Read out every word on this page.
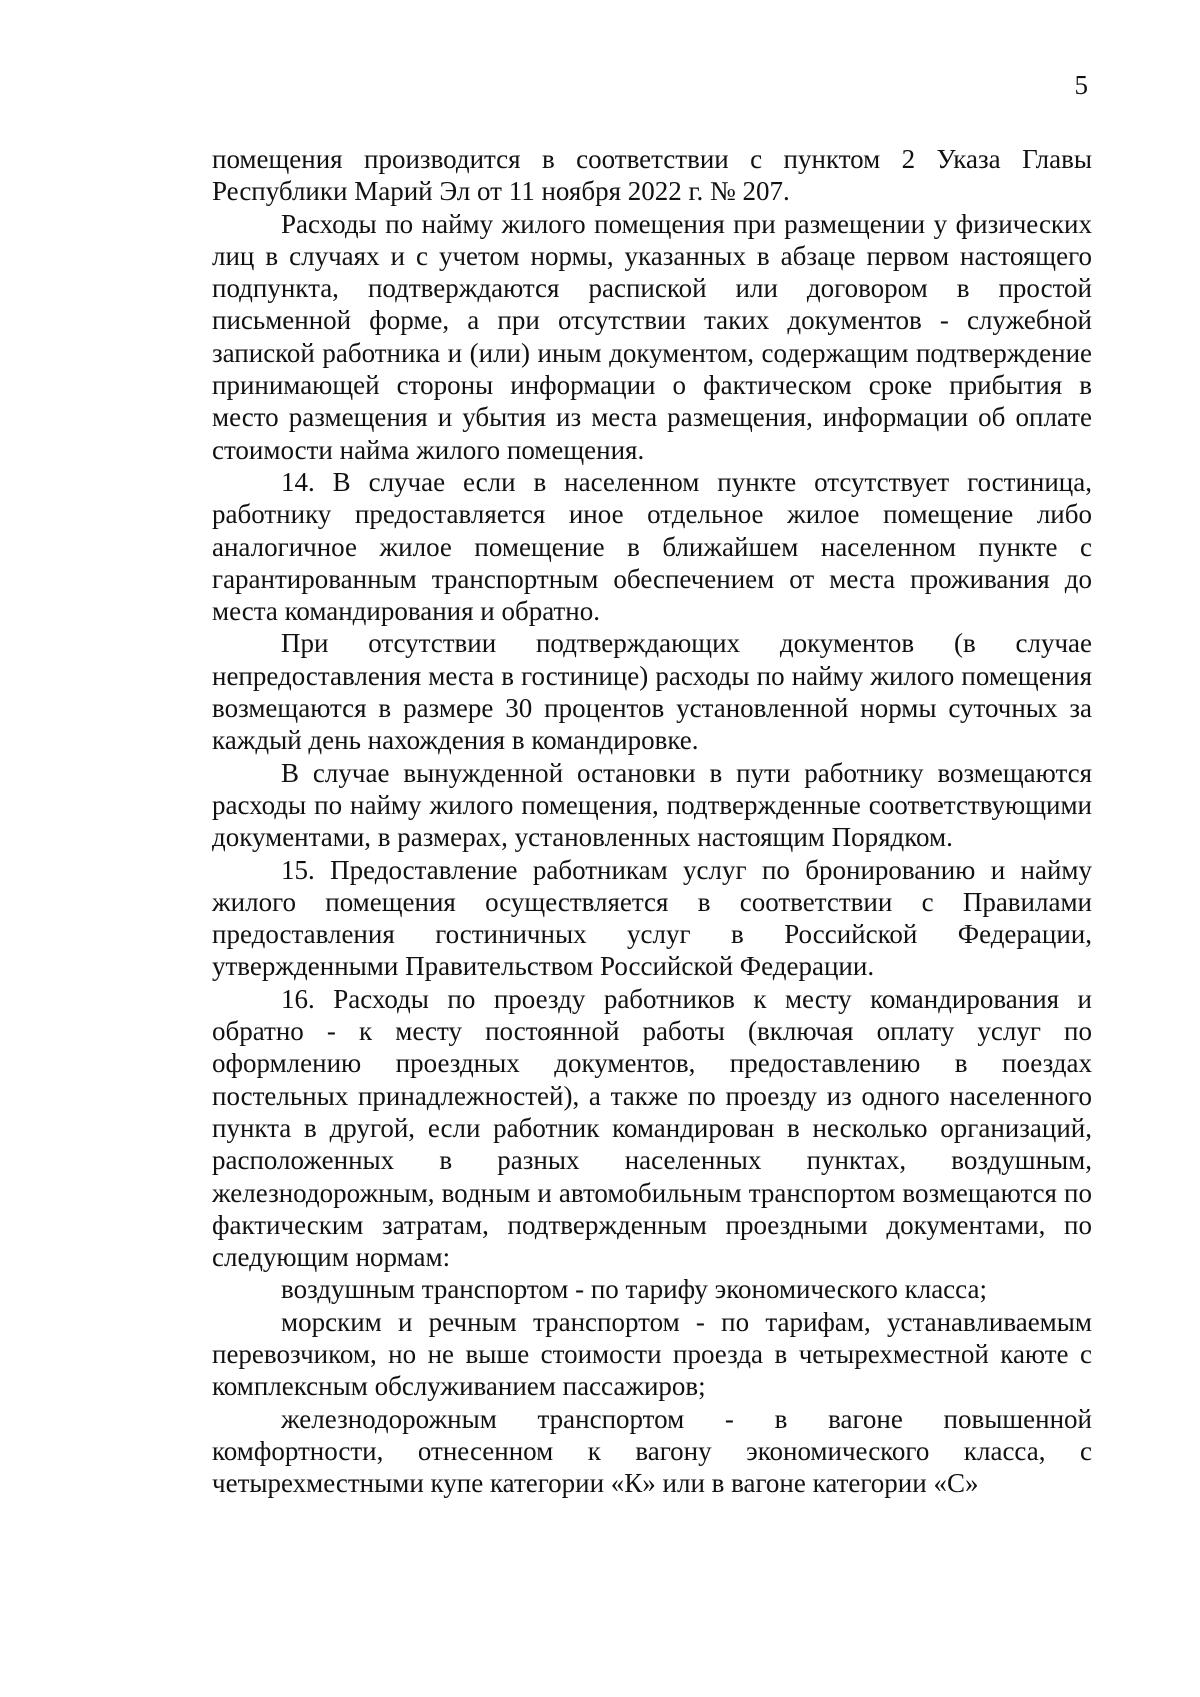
5

помещения производится в соответствии с пунктом 2 Указа Главы Республики Марий Эл от 11 ноября 2022 г. № 207.

Расходы по найму жилого помещения при размещении у физических лиц в случаях и с учетом нормы, указанных в абзаце первом настоящего подпункта, подтверждаются распиской или договором в простой письменной форме, а при отсутствии таких документов - служебной запиской работника и (или) иным документом, содержащим подтверждение принимающей стороны информации о фактическом сроке прибытия в место размещения и убытия из места размещения, информации об оплате стоимости найма жилого помещения.

14. В случае если в населенном пункте отсутствует гостиница, работнику предоставляется иное отдельное жилое помещение либо аналогичное жилое помещение в ближайшем населенном пункте с гарантированным транспортным обеспечением от места проживания до места командирования и обратно.

При отсутствии подтверждающих документов (в случае непредоставления места в гостинице) расходы по найму жилого помещения возмещаются в размере 30 процентов установленной нормы суточных за каждый день нахождения в командировке.

В случае вынужденной остановки в пути работнику возмещаются расходы по найму жилого помещения, подтвержденные соответствующими документами, в размерах, установленных настоящим Порядком.

15. Предоставление работникам услуг по бронированию и найму жилого помещения осуществляется в соответствии с Правилами предоставления гостиничных услуг в Российской Федерации, утвержденными Правительством Российской Федерации.

16. Расходы по проезду работников к месту командирования и обратно - к месту постоянной работы (включая оплату услуг по оформлению проездных документов, предоставлению в поездах постельных принадлежностей), а также по проезду из одного населенного пункта в другой, если работник командирован в несколько организаций, расположенных в разных населенных пунктах, воздушным, железнодорожным, водным и автомобильным транспортом возмещаются по фактическим затратам, подтвержденным проездными документами, по следующим нормам:

воздушным транспортом - по тарифу экономического класса;

морским и речным транспортом - по тарифам, устанавливаемым перевозчиком, но не выше стоимости проезда в четырехместной каюте с комплексным обслуживанием пассажиров;

железнодорожным транспортом - в вагоне повышенной комфортности, отнесенном к вагону экономического класса, с четырехместными купе категории «К» или в вагоне категории «С»
